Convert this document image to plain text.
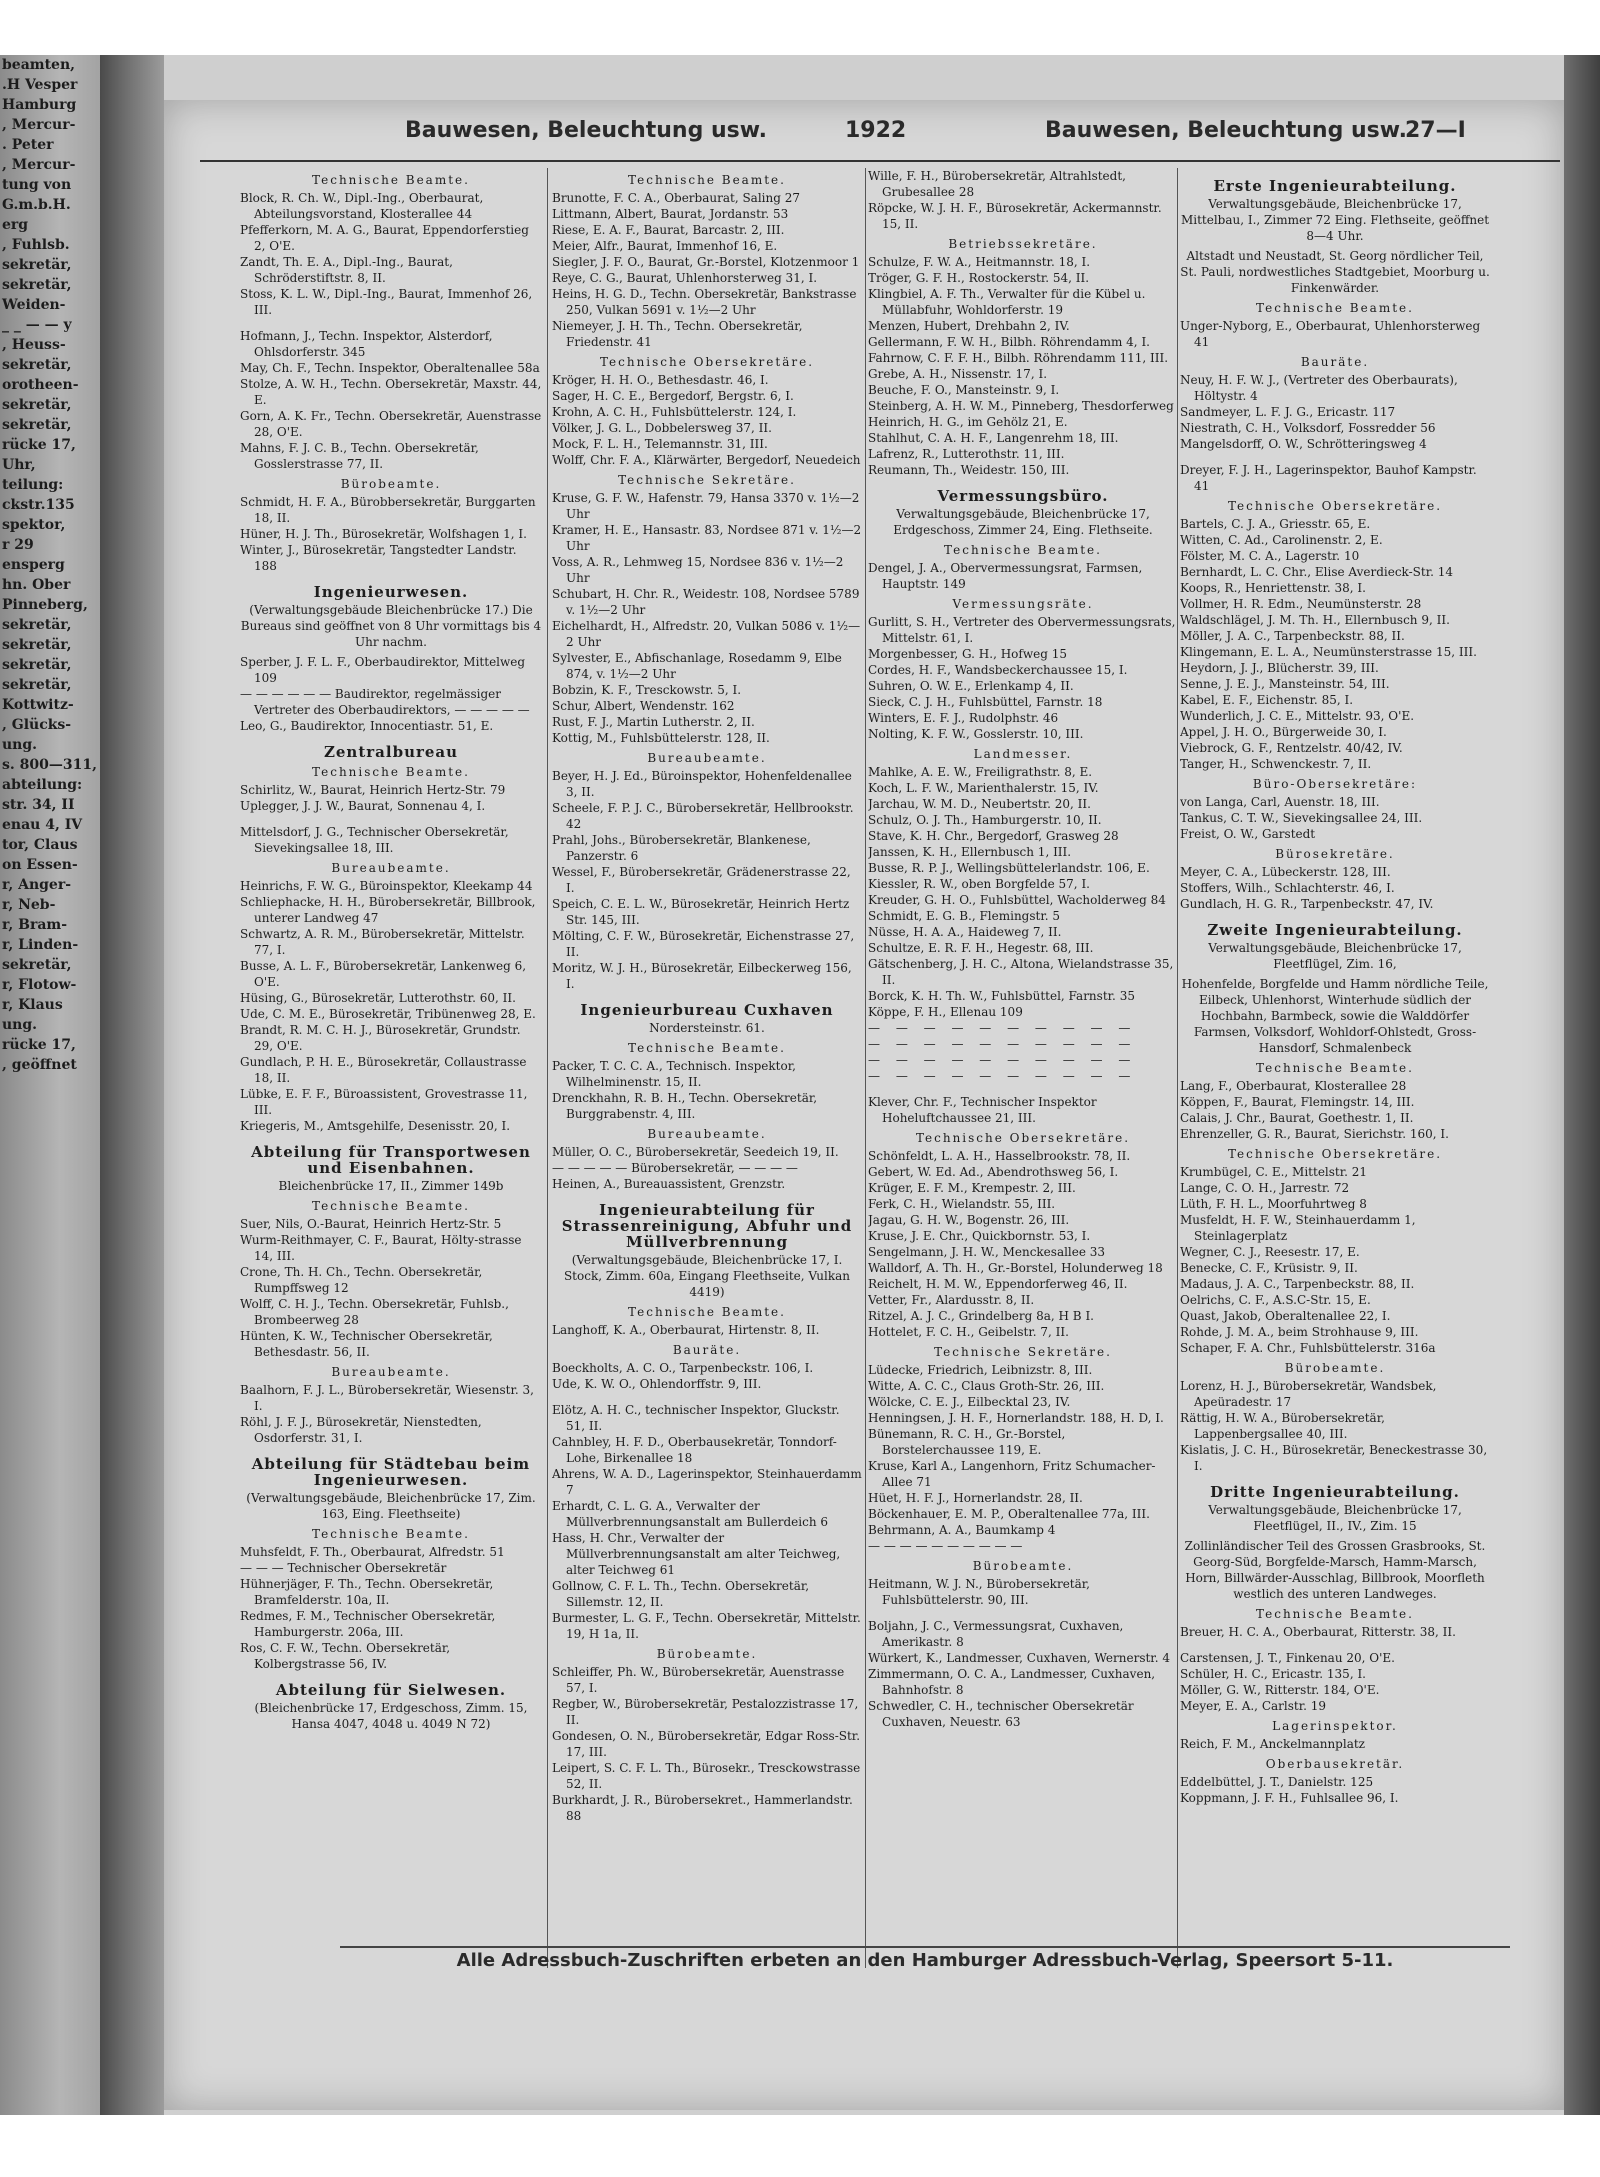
beamten,
.H Vesper
Hamburg
, Mercur-
. Peter
, Mercur-
tung von
G.m.b.H.
erg
, Fuhlsb.
sekretär,
sekretär,
Weiden-
_ _ — — y
, Heuss-
sekretär,
orotheen-
sekretär,
sekretär,
rücke 17,
Uhr,
teilung:
ckstr.135
spektor,
r 29
ensperg
hn. Ober
Pinneberg,
sekretär,
sekretär,
sekretär,
sekretär,
Kottwitz-
, Glücks-
ung.
s. 800—311,
abteilung:
str. 34, II
enau 4, IV
tor, Claus
on Essen-
r, Anger-
r, Neb-
r, Bram-
r, Linden-
sekretär,
r, Flotow-
r, Klaus
ung.
rücke 17,
, geöffnet
Bauwesen, Beleuchtung usw.	1922	Bauwesen, Beleuchtung usw.
27—I
Technische Beamte.
Block, R. Ch. W., Dipl.-Ing., Oberbaurat, Abteilungsvorstand, Klosterallee 44
Pfefferkorn, M. A. G., Baurat, Eppendorferstieg 2, O'E.
Zandt, Th. E. A., Dipl.-Ing., Baurat, Schröderstiftstr. 8, II.
Stoss, K. L. W., Dipl.-Ing., Baurat, Immenhof 26, III.
Hofmann, J., Techn. Inspektor, Alsterdorf, Ohlsdorferstr. 345
May, Ch. F., Techn. Inspektor, Oberaltenallee 58a
Stolze, A. W. H., Techn. Obersekretär, Maxstr. 44, E.
Gorn, A. K. Fr., Techn. Obersekretär, Auenstrasse 28, O'E.
Mahns, F. J. C. B., Techn. Obersekretär, Gosslerstrasse 77, II.
Bürobeamte.
Schmidt, H. F. A., Bürobbersekretär, Burggarten 18, II.
Hüner, H. J. Th., Bürosekretär, Wolfshagen 1, I.
Winter, J., Bürosekretär, Tangstedter Landstr. 188
Ingenieurwesen.
(Verwaltungsgebäude Bleichenbrücke 17.) Die Bureaus sind geöffnet von 8 Uhr vormittags bis 4 Uhr nachm.
Sperber, J. F. L. F., Oberbaudirektor, Mittelweg 109
— — — — — — Baudirektor, regelmässiger Vertreter des Oberbaudirektors, — — — — —
Leo, G., Baudirektor, Innocentiastr. 51, E.
Zentralbureau
Technische Beamte.
Schirlitz, W., Baurat, Heinrich Hertz-Str. 79
Uplegger, J. J. W., Baurat, Sonnenau 4, I.
Mittelsdorf, J. G., Technischer Obersekretär, Sievekingsallee 18, III.
Bureaubeamte.
Heinrichs, F. W. G., Büroinspektor, Kleekamp 44
Schliephacke, H. H., Bürobersekretär, Billbrook, unterer Landweg 47
Schwartz, A. R. M., Bürobersekretär, Mittelstr. 77, I.
Busse, A. L. F., Bürobersekretär, Lankenweg 6, O'E.
Hüsing, G., Bürosekretär, Lutterothstr. 60, II.
Ude, C. M. E., Bürosekretär, Tribünenweg 28, E.
Brandt, R. M. C. H. J., Bürosekretär, Grundstr. 29, O'E.
Gundlach, P. H. E., Bürosekretär, Collaustrasse 18, II.
Lübke, E. F. F., Büroassistent, Grovestrasse 11, III.
Kriegeris, M., Amtsgehilfe, Desenisstr. 20, I.
Abteilung für Transportwesen und Eisenbahnen.
Bleichenbrücke 17, II., Zimmer 149b
Technische Beamte.
Suer, Nils, O.-Baurat, Heinrich Hertz-Str. 5
Wurm-Reithmayer, C. F., Baurat, Hölty-strasse 14, III.
Crone, Th. H. Ch., Techn. Obersekretär, Rumpffsweg 12
Wolff, C. H. J., Techn. Obersekretär, Fuhlsb., Brombeerweg 28
Hünten, K. W., Technischer Obersekretär, Bethesdastr. 56, II.
Bureaubeamte.
Baalhorn, F. J. L., Bürobersekretär, Wiesenstr. 3, I.
Röhl, J. F. J., Bürosekretär, Nienstedten, Osdorferstr. 31, I.
Abteilung für Städtebau beim Ingenieurwesen.
(Verwaltungsgebäude, Bleichenbrücke 17, Zim. 163, Eing. Fleethseite)
Technische Beamte.
Muhsfeldt, F. Th., Oberbaurat, Alfredstr. 51
— — — Technischer Obersekretär
Hühnerjäger, F. Th., Techn. Obersekretär, Bramfelderstr. 10a, II.
Redmes, F. M., Technischer Obersekretär, Hamburgerstr. 206a, III.
Ros, C. F. W., Techn. Obersekretär, Kolbergstrasse 56, IV.
Abteilung für Sielwesen.
(Bleichenbrücke 17, Erdgeschoss, Zimm. 15, Hansa 4047, 4048 u. 4049 N 72)
Technische Beamte.
Brunotte, F. C. A., Oberbaurat, Saling 27
Littmann, Albert, Baurat, Jordanstr. 53
Riese, E. A. F., Baurat, Barcastr. 2, III.
Meier, Alfr., Baurat, Immenhof 16, E.
Siegler, J. F. O., Baurat, Gr.-Borstel, Klotzenmoor 1
Reye, C. G., Baurat, Uhlenhorsterweg 31, I.
Heins, H. G. D., Techn. Obersekretär, Bankstrasse 250, Vulkan 5691 v. 1½—2 Uhr
Niemeyer, J. H. Th., Techn. Obersekretär, Friedenstr. 41
Technische Obersekretäre.
Kröger, H. H. O., Bethesdastr. 46, I.
Sager, H. C. E., Bergedorf, Bergstr. 6, I.
Krohn, A. C. H., Fuhlsbüttelerstr. 124, I.
Völker, J. G. L., Dobbelersweg 37, II.
Mock, F. L. H., Telemannstr. 31, III.
Wolff, Chr. F. A., Klärwärter, Bergedorf, Neuedeich
Technische Sekretäre.
Kruse, G. F. W., Hafenstr. 79, Hansa 3370 v. 1½—2 Uhr
Kramer, H. E., Hansastr. 83, Nordsee 871 v. 1½—2 Uhr
Voss, A. R., Lehmweg 15, Nordsee 836 v. 1½—2 Uhr
Schubart, H. Chr. R., Weidestr. 108, Nordsee 5789 v. 1½—2 Uhr
Eichelhardt, H., Alfredstr. 20, Vulkan 5086 v. 1½—2 Uhr
Sylvester, E., Abfischanlage, Rosedamm 9, Elbe 874, v. 1½—2 Uhr
Bobzin, K. F., Tresckowstr. 5, I.
Schur, Albert, Wendenstr. 162
Rust, F. J., Martin Lutherstr. 2, II.
Kottig, M., Fuhlsbüttelerstr. 128, II.
Bureaubeamte.
Beyer, H. J. Ed., Büroinspektor, Hohenfeldenallee 3, II.
Scheele, F. P. J. C., Bürobersekretär, Hellbrookstr. 42
Prahl, Johs., Bürobersekretär, Blankenese, Panzerstr. 6
Wessel, F., Bürobersekretär, Grädenerstrasse 22, I.
Speich, C. E. L. W., Bürosekretär, Heinrich Hertz Str. 145, III.
Mölting, C. F. W., Bürosekretär, Eichenstrasse 27, II.
Moritz, W. J. H., Bürosekretär, Eilbeckerweg 156, I.
Ingenieurbureau Cuxhaven
Nordersteinstr. 61.
Technische Beamte.
Packer, T. C. C. A., Technisch. Inspektor, Wilhelminenstr. 15, II.
Drenckhahn, R. B. H., Techn. Obersekretär, Burggrabenstr. 4, III.
Bureaubeamte.
Müller, O. C., Bürobersekretär, Seedeich 19, II.
— — — — — Bürobersekretär, — — — —
Heinen, A., Bureauassistent, Grenzstr.
Ingenieurabteilung für Strassenreinigung, Abfuhr und Müllverbrennung
(Verwaltungsgebäude, Bleichenbrücke 17, I. Stock, Zimm. 60a, Eingang Fleethseite, Vulkan 4419)
Technische Beamte.
Langhoff, K. A., Oberbaurat, Hirtenstr. 8, II.
Bauräte.
Boeckholts, A. C. O., Tarpenbeckstr. 106, I.
Ude, K. W. O., Ohlendorffstr. 9, III.
Elötz, A. H. C., technischer Inspektor, Gluckstr. 51, II.
Cahnbley, H. F. D., Oberbausekretär, Tonndorf-Lohe, Birkenallee 18
Ahrens, W. A. D., Lagerinspektor, Steinhauerdamm 7
Erhardt, C. L. G. A., Verwalter der Müllverbrennungsanstalt am Bullerdeich 6
Hass, H. Chr., Verwalter der Müllverbrennungsanstalt am alter Teichweg, alter Teichweg 61
Gollnow, C. F. L. Th., Techn. Obersekretär, Sillemstr. 12, II.
Burmester, L. G. F., Techn. Obersekretär, Mittelstr. 19, H 1a, II.
Bürobeamte.
Schleiffer, Ph. W., Bürobersekretär, Auenstrasse 57, I.
Regber, W., Bürobersekretär, Pestalozzistrasse 17, II.
Gondesen, O. N., Bürobersekretär, Edgar Ross-Str. 17, III.
Leipert, S. C. F. L. Th., Bürosekr., Tresckowstrasse 52, II.
Burkhardt, J. R., Bürobersekret., Hammerlandstr. 88
Wille, F. H., Bürobersekretär, Altrahlstedt, Grubesallee 28
Röpcke, W. J. H. F., Bürosekretär, Ackermannstr. 15, II.
Betriebssekretäre.
Schulze, F. W. A., Heitmannstr. 18, I.
Tröger, G. F. H., Rostockerstr. 54, II.
Klingbiel, A. F. Th., Verwalter für die Kübel u. Müllabfuhr, Wohldorferstr. 19
Menzen, Hubert, Drehbahn 2, IV.
Gellermann, F. W. H., Bilbh. Röhrendamm 4, I.
Fahrnow, C. F. F. H., Bilbh. Röhrendamm 111, III.
Grebe, A. H., Nissenstr. 17, I.
Beuche, F. O., Mansteinstr. 9, I.
Steinberg, A. H. W. M., Pinneberg, Thesdorferweg
Heinrich, H. G., im Gehölz 21, E.
Stahlhut, C. A. H. F., Langenrehm 18, III.
Lafrenz, R., Lutterothstr. 11, III.
Reumann, Th., Weidestr. 150, III.
Vermessungsbüro.
Verwaltungsgebäude, Bleichenbrücke 17, Erdgeschoss, Zimmer 24, Eing. Flethseite.
Technische Beamte.
Dengel, J. A., Obervermessungsrat, Farmsen, Hauptstr. 149
Vermessungsräte.
Gurlitt, S. H., Vertreter des Obervermessungsrats, Mittelstr. 61, I.
Morgenbesser, G. H., Hofweg 15
Cordes, H. F., Wandsbeckerchaussee 15, I.
Suhren, O. W. E., Erlenkamp 4, II.
Sieck, C. J. H., Fuhlsbüttel, Farnstr. 18
Winters, E. F. J., Rudolphstr. 46
Nolting, K. F. W., Gosslerstr. 10, III.
Landmesser.
Mahlke, A. E. W., Freiligrathstr. 8, E.
Koch, L. F. W., Marienthalerstr. 15, IV.
Jarchau, W. M. D., Neubertstr. 20, II.
Schulz, O. J. Th., Hamburgerstr. 10, II.
Stave, K. H. Chr., Bergedorf, Grasweg 28
Janssen, K. H., Ellernbusch 1, III.
Busse, R. P. J., Wellingsbüttelerlandstr. 106, E.
Kiessler, R. W., oben Borgfelde 57, I.
Kreuder, G. H. O., Fuhlsbüttel, Wacholderweg 84
Schmidt, E. G. B., Flemingstr. 5
Nüsse, H. A. A., Haideweg 7, II.
Schultze, E. R. F. H., Hegestr. 68, III.
Gätschenberg, J. H. C., Altona, Wielandstrasse 35, II.
Borck, K. H. Th. W., Fuhlsbüttel, Farnstr. 35
Köppe, F. H., Ellenau 109
— — — — — — — — — —
— — — — — — — — — —
— — — — — — — — — —
— — — — — — — — — —
Klever, Chr. F., Technischer Inspektor Hoheluftchaussee 21, III.
Technische Obersekretäre.
Schönfeldt, L. A. H., Hasselbrookstr. 78, II.
Gebert, W. Ed. Ad., Abendrothsweg 56, I.
Krüger, E. F. M., Krempestr. 2, III.
Ferk, C. H., Wielandstr. 55, III.
Jagau, G. H. W., Bogenstr. 26, III.
Kruse, J. E. Chr., Quickbornstr. 53, I.
Sengelmann, J. H. W., Menckesallee 33
Walldorf, A. Th. H., Gr.-Borstel, Holunderweg 18
Reichelt, H. M. W., Eppendorferweg 46, II.
Vetter, Fr., Alardusstr. 8, II.
Ritzel, A. J. C., Grindelberg 8a, H B I.
Hottelet, F. C. H., Geibelstr. 7, II.
Technische Sekretäre.
Lüdecke, Friedrich, Leibnizstr. 8, III.
Witte, A. C. C., Claus Groth-Str. 26, III.
Wölcke, C. E. J., Eilbecktal 23, IV.
Henningsen, J. H. F., Hornerlandstr. 188, H. D, I.
Bünemann, R. C. H., Gr.-Borstel, Borstelerchaussee 119, E.
Kruse, Karl A., Langenhorn, Fritz Schumacher-Allee 71
Hüet, H. F. J., Hornerlandstr. 28, II.
Böckenhauer, E. M. P., Oberaltenallee 77a, III.
Behrmann, A. A., Baumkamp 4
— — — — — — — — — —
Bürobeamte.
Heitmann, W. J. N., Bürobersekretär, Fuhlsbüttelerstr. 90, III.
Boljahn, J. C., Vermessungsrat, Cuxhaven, Amerikastr. 8
Würkert, K., Landmesser, Cuxhaven, Wernerstr. 4
Zimmermann, O. C. A., Landmesser, Cuxhaven, Bahnhofstr. 8
Schwedler, C. H., technischer Obersekretär Cuxhaven, Neuestr. 63
Erste Ingenieurabteilung.
Verwaltungsgebäude, Bleichenbrücke 17, Mittelbau, I., Zimmer 72 Eing. Flethseite, geöffnet 8—4 Uhr.
Altstadt und Neustadt, St. Georg nördlicher Teil, St. Pauli, nordwestliches Stadtgebiet, Moorburg u. Finkenwärder.
Technische Beamte.
Unger-Nyborg, E., Oberbaurat, Uhlenhorsterweg 41
Bauräte.
Neuy, H. F. W. J., (Vertreter des Oberbaurats), Höltystr. 4
Sandmeyer, L. F. J. G., Ericastr. 117
Niestrath, C. H., Volksdorf, Fossredder 56
Mangelsdorff, O. W., Schrötteringsweg 4
Dreyer, F. J. H., Lagerinspektor, Bauhof Kampstr. 41
Technische Obersekretäre.
Bartels, C. J. A., Griesstr. 65, E.
Witten, C. Ad., Carolinenstr. 2, E.
Fölster, M. C. A., Lagerstr. 10
Bernhardt, L. C. Chr., Elise Averdieck-Str. 14
Koops, R., Henriettenstr. 38, I.
Vollmer, H. R. Edm., Neumünsterstr. 28
Waldschlägel, J. M. Th. H., Ellernbusch 9, II.
Möller, J. A. C., Tarpenbeckstr. 88, II.
Klingemann, E. L. A., Neumünsterstrasse 15, III.
Heydorn, J. J., Blücherstr. 39, III.
Senne, J. E. J., Mansteinstr. 54, III.
Kabel, E. F., Eichenstr. 85, I.
Wunderlich, J. C. E., Mittelstr. 93, O'E.
Appel, J. H. O., Bürgerweide 30, I.
Viebrock, G. F., Rentzelstr. 40/42, IV.
Tanger, H., Schwenckestr. 7, II.
Büro-Obersekretäre:
von Langa, Carl, Auenstr. 18, III.
Tankus, C. T. W., Sievekingsallee 24, III.
Freist, O. W., Garstedt
Bürosekretäre.
Meyer, C. A., Lübeckerstr. 128, III.
Stoffers, Wilh., Schlachterstr. 46, I.
Gundlach, H. G. R., Tarpenbeckstr. 47, IV.
Zweite Ingenieurabteilung.
Verwaltungsgebäude, Bleichenbrücke 17, Fleetflügel, Zim. 16,
Hohenfelde, Borgfelde und Hamm nördliche Teile, Eilbeck, Uhlenhorst, Winterhude südlich der Hochbahn, Barmbeck, sowie die Walddörfer Farmsen, Volksdorf, Wohldorf-Ohlstedt, Gross-Hansdorf, Schmalenbeck
Technische Beamte.
Lang, F., Oberbaurat, Klosterallee 28
Köppen, F., Baurat, Flemingstr. 14, III.
Calais, J. Chr., Baurat, Goethestr. 1, II.
Ehrenzeller, G. R., Baurat, Sierichstr. 160, I.
Technische Obersekretäre.
Krumbügel, C. E., Mittelstr. 21
Lange, C. O. H., Jarrestr. 72
Lüth, F. H. L., Moorfuhrtweg 8
Musfeldt, H. F. W., Steinhauerdamm 1, Steinlagerplatz
Wegner, C. J., Reesestr. 17, E.
Benecke, C. F., Krüsistr. 9, II.
Madaus, J. A. C., Tarpenbeckstr. 88, II.
Oelrichs, C. F., A.S.C-Str. 15, E.
Quast, Jakob, Oberaltenallee 22, I.
Rohde, J. M. A., beim Strohhause 9, III.
Schaper, F. A. Chr., Fuhlsbüttelerstr. 316a
Bürobeamte.
Lorenz, H. J., Bürobersekretär, Wandsbek, Apeüradestr. 17
Rättig, H. W. A., Bürobersekretär, Lappenbergsallee 40, III.
Kislatis, J. C. H., Bürosekretär, Beneckestrasse 30, I.
Dritte Ingenieurabteilung.
Verwaltungsgebäude, Bleichenbrücke 17, Fleetflügel, II., IV., Zim. 15
Zollinländischer Teil des Grossen Grasbrooks, St. Georg-Süd, Borgfelde-Marsch, Hamm-Marsch, Horn, Billwärder-Ausschlag, Billbrook, Moorfleth westlich des unteren Landweges.
Technische Beamte.
Breuer, H. C. A., Oberbaurat, Ritterstr. 38, II.
Carstensen, J. T., Finkenau 20, O'E.
Schüler, H. C., Ericastr. 135, I.
Möller, G. W., Ritterstr. 184, O'E.
Meyer, E. A., Carlstr. 19
Lagerinspektor.
Reich, F. M., Anckelmannplatz
Oberbausekretär.
Eddelbüttel, J. T., Danielstr. 125
Koppmann, J. F. H., Fuhlsallee 96, I.
Alle Adressbuch-Zuschriften erbeten an den Hamburger Adressbuch-Verlag, Speersort 5-11.
